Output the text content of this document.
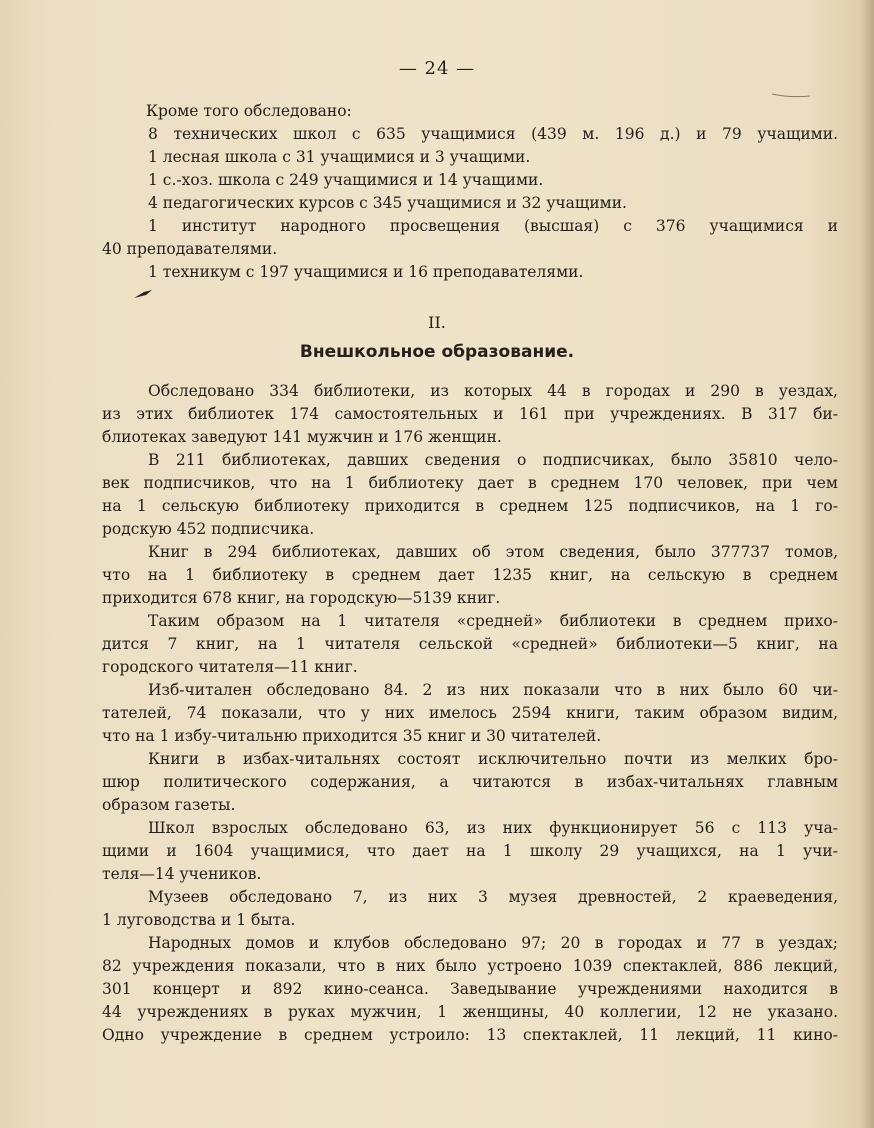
— 24 —
Кроме того обследовано:
8 технических школ с 635 учащимися (439 м. 196 д.) и 79 учащими.
1 лесная школа с 31 учащимися и 3 учащими.
1 с.-хоз. школа с 249 учащимися и 14 учащими.
4 педагогических курсов с 345 учащимися и 32 учащими.
1 институт народного просвещения (высшая) с 376 учащимися и
40 преподавателями.
1 техникум с 197 учащимися и 16 преподавателями.
II.
Внешкольное образование.
Обследовано 334 библиотеки, из которых 44 в городах и 290 в уездах,
из этих библиотек 174 самостоятельных и 161 при учреждениях. В 317 би-
блиотеках заведуют 141 мужчин и 176 женщин.
В 211 библиотеках, давших сведения о подписчиках, было 35810 чело-
век подписчиков, что на 1 библиотеку дает в среднем 170 человек, при чем
на 1 сельскую библиотеку приходится в среднем 125 подписчиков, на 1 го-
родскую 452 подписчика.
Книг в 294 библиотеках, давших об этом сведения, было 377737 томов,
что на 1 библиотеку в среднем дает 1235 книг, на сельскую в среднем
приходится 678 книг, на городскую—5139 книг.
Таким образом на 1 читателя «средней» библиотеки в среднем прихо-
дится 7 книг, на 1 читателя сельской «средней» библиотеки—5 книг, на
городского читателя—11 книг.
Изб-читален обследовано 84. 2 из них показали что в них было 60 чи-
тателей, 74 показали, что у них имелось 2594 книги, таким образом видим,
что на 1 избу-читальню приходится 35 книг и 30 читателей.
Книги в избах-читальнях состоят исключительно почти из мелких бро-
шюр политического содержания, а читаются в избах-читальнях главным
образом газеты.
Школ взрослых обследовано 63, из них функционирует 56 с 113 уча-
щими и 1604 учащимися, что дает на 1 школу 29 учащихся, на 1 учи-
теля—14 учеников.
Музеев обследовано 7, из них 3 музея древностей, 2 краеведения,
1 луговодства и 1 быта.
Народных домов и клубов обследовано 97; 20 в городах и 77 в уездах;
82 учреждения показали, что в них было устроено 1039 спектаклей, 886 лекций,
301 концерт и 892 кино-сеанса. Заведывание учреждениями находится в
44 учреждениях в руках мужчин, 1 женщины, 40 коллегии, 12 не указано.
Одно учреждение в среднем устроило: 13 спектаклей, 11 лекций, 11 кино-
